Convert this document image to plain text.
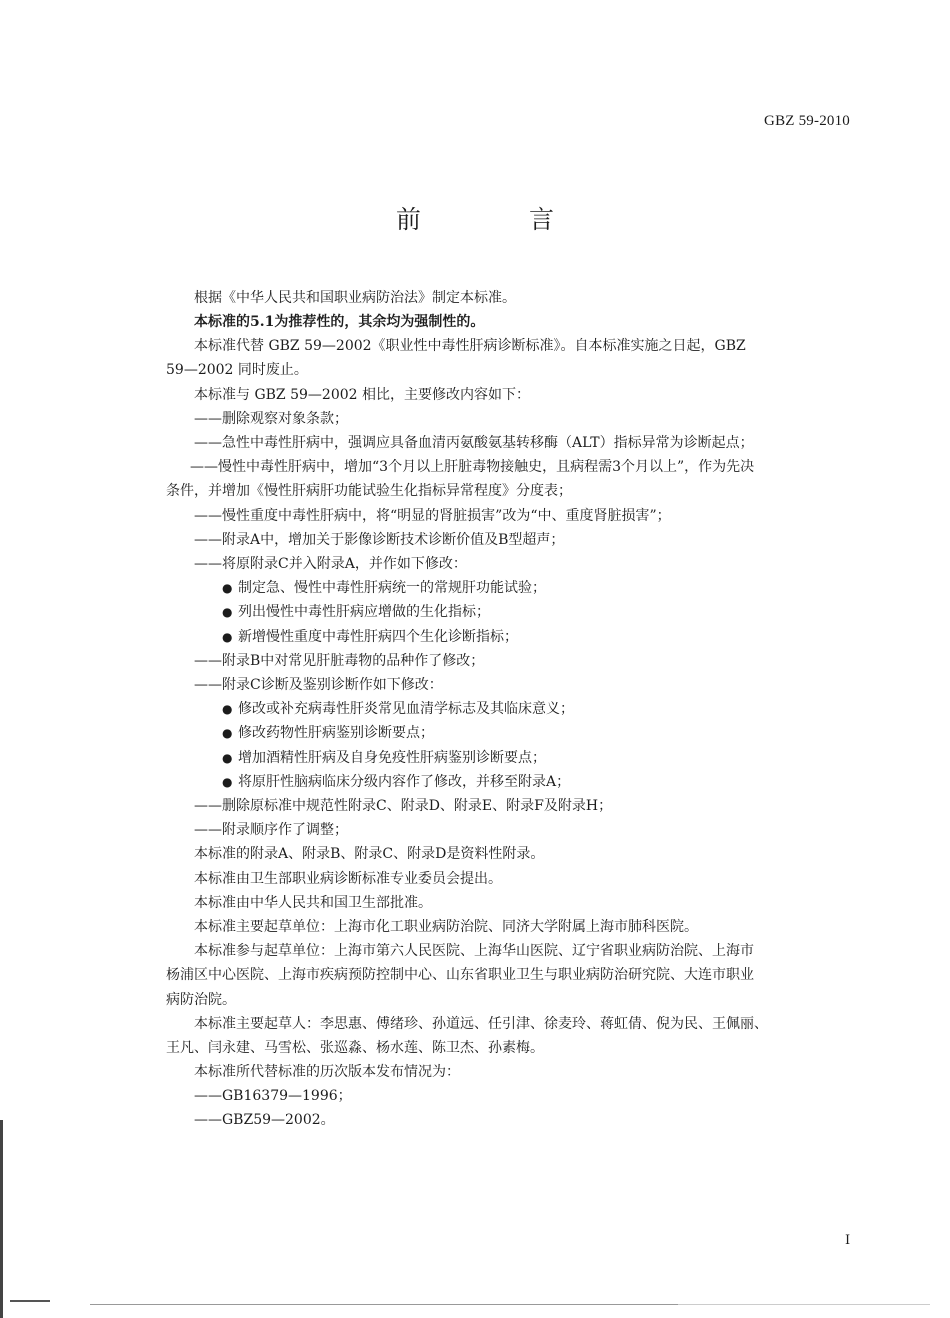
GBZ 59-2010
前 言
根据《中华人民共和国职业病防治法》制定本标准。
本标准的5.1为推荐性的，其余均为强制性的。
本标准代替 GBZ 59—2002《职业性中毒性肝病诊断标准》。自本标准实施之日起，GBZ
59—2002 同时废止。
本标准与 GBZ 59—2002 相比，主要修改内容如下：
——删除观察对象条款；
——急性中毒性肝病中，强调应具备血清丙氨酸氨基转移酶（ALT）指标异常为诊断起点；
——慢性中毒性肝病中，增加“3个月以上肝脏毒物接触史，且病程需3个月以上”，作为先决
条件，并增加《慢性肝病肝功能试验生化指标异常程度》分度表；
——慢性重度中毒性肝病中，将“明显的肾脏损害”改为“中、重度肾脏损害”；
——附录A中，增加关于影像诊断技术诊断价值及B型超声；
——将原附录C并入附录A，并作如下修改：
● 制定急、慢性中毒性肝病统一的常规肝功能试验；
● 列出慢性中毒性肝病应增做的生化指标；
● 新增慢性重度中毒性肝病四个生化诊断指标；
——附录B中对常见肝脏毒物的品种作了修改；
——附录C诊断及鉴别诊断作如下修改：
● 修改或补充病毒性肝炎常见血清学标志及其临床意义；
● 修改药物性肝病鉴别诊断要点；
● 增加酒精性肝病及自身免疫性肝病鉴别诊断要点；
● 将原肝性脑病临床分级内容作了修改，并移至附录A；
——删除原标准中规范性附录C、附录D、附录E、附录F及附录H；
——附录顺序作了调整；
本标准的附录A、附录B、附录C、附录D是资料性附录。
本标准由卫生部职业病诊断标准专业委员会提出。
本标准由中华人民共和国卫生部批准。
本标准主要起草单位：上海市化工职业病防治院、同济大学附属上海市肺科医院。
本标准参与起草单位：上海市第六人民医院、上海华山医院、辽宁省职业病防治院、上海市
杨浦区中心医院、上海市疾病预防控制中心、山东省职业卫生与职业病防治研究院、大连市职业
病防治院。
本标准主要起草人：李思惠、傅绪珍、孙道远、任引津、徐麦玲、蒋虹倩、倪为民、王佩丽、
王凡、闫永建、马雪松、张巡淼、杨水莲、陈卫杰、孙素梅。
本标准所代替标准的历次版本发布情况为：
——GB16379—1996；
——GBZ59—2002。
I
